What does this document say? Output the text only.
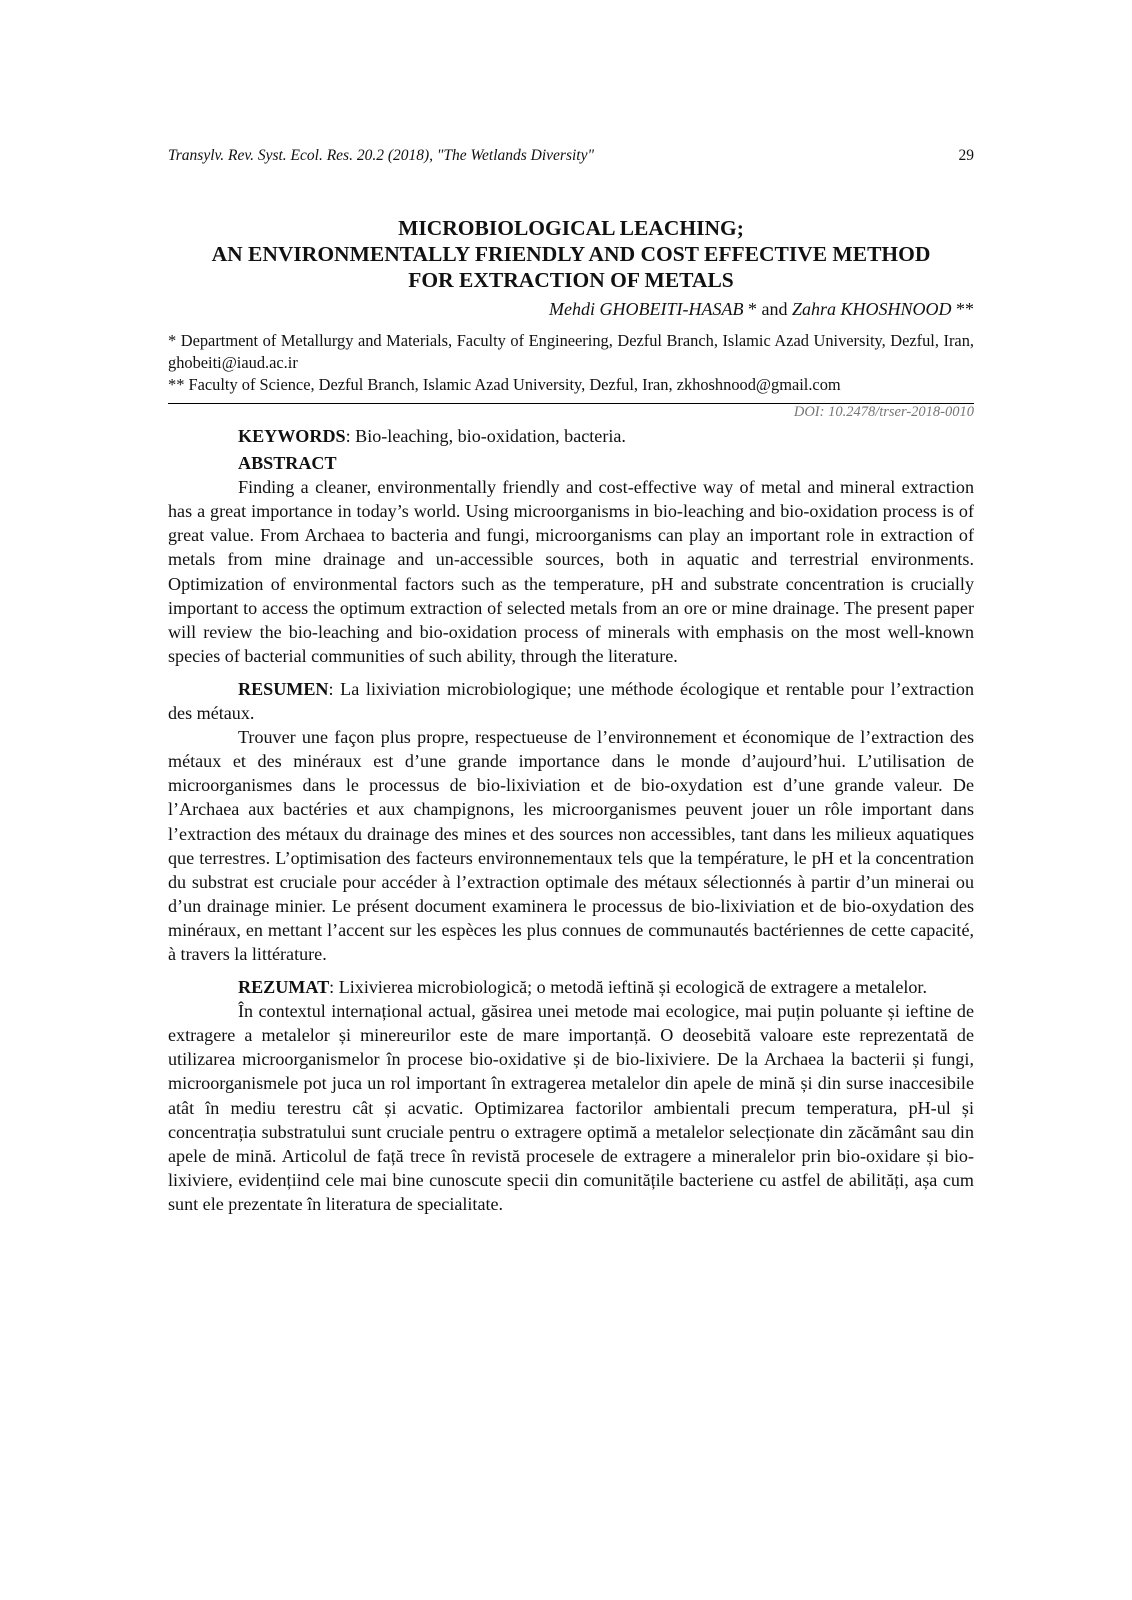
Transylv. Rev. Syst. Ecol. Res. 20.2 (2018), "The Wetlands Diversity"	29
MICROBIOLOGICAL LEACHING;
AN ENVIRONMENTALLY FRIENDLY AND COST EFFECTIVE METHOD
FOR EXTRACTION OF METALS
Mehdi GHOBEITI-HASAB * and Zahra KHOSHNOOD **

* Department of Metallurgy and Materials, Faculty of Engineering, Dezful Branch, Islamic Azad University, Dezful, Iran, ghobeiti@iaud.ac.ir

** Faculty of Science, Dezful Branch, Islamic Azad University, Dezful, Iran, zkhoshnood@gmail.com

DOI: 10.2478/trser-2018-0010

KEYWORDS: Bio-leaching, bio-oxidation, bacteria.

ABSTRACT

Finding a cleaner, environmentally friendly and cost-effective way of metal and mineral extraction has a great importance in today’s world. Using microorganisms in bio-leaching and bio-oxidation process is of great value. From Archaea to bacteria and fungi, microorganisms can play an important role in extraction of metals from mine drainage and un-accessible sources, both in aquatic and terrestrial environments. Optimization of environmental factors such as the temperature, pH and substrate concentration is crucially important to access the optimum extraction of selected metals from an ore or mine drainage. The present paper will review the bio-leaching and bio-oxidation process of minerals with emphasis on the most well-known species of bacterial communities of such ability, through the literature.

RESUMEN: La lixiviation microbiologique; une méthode écologique et rentable pour l’extraction des métaux.

Trouver une façon plus propre, respectueuse de l’environnement et économique de l’extraction des métaux et des minéraux est d’une grande importance dans le monde d’aujourd’hui. L’utilisation de microorganismes dans le processus de bio-lixiviation et de bio-oxydation est d’une grande valeur. De l’Archaea aux bactéries et aux champignons, les microorganismes peuvent jouer un rôle important dans l’extraction des métaux du drainage des mines et des sources non accessibles, tant dans les milieux aquatiques que terrestres. L’optimisation des facteurs environnementaux tels que la température, le pH et la concentration du substrat est cruciale pour accéder à l’extraction optimale des métaux sélectionnés à partir d’un minerai ou d’un drainage minier. Le présent document examinera le processus de bio-lixiviation et de bio-oxydation des minéraux, en mettant l’accent sur les espèces les plus connues de communautés bactériennes de cette capacité, à travers la littérature.

REZUMAT: Lixivierea microbiologică; o metodă ieftină și ecologică de extragere a metalelor.

În contextul internațional actual, găsirea unei metode mai ecologice, mai puțin poluante și ieftine de extragere a metalelor și minereurilor este de mare importanță. O deosebită valoare este reprezentată de utilizarea microorganismelor în procese bio-oxidative și de bio-lixiviere. De la Archaea la bacterii și fungi, microorganismele pot juca un rol important în extragerea metalelor din apele de mină și din surse inaccesibile atât în mediu terestru cât și acvatic. Optimizarea factorilor ambientali precum temperatura, pH-ul și concentrația substratului sunt cruciale pentru o extragere optimă a metalelor selecționate din zăcământ sau din apele de mină. Articolul de față trece în revistă procesele de extragere a mineralelor prin bio-oxidare și bio-lixiviere, evidențiind cele mai bine cunoscute specii din comunitățile bacteriene cu astfel de abilități, așa cum sunt ele prezentate în literatura de specialitate.
